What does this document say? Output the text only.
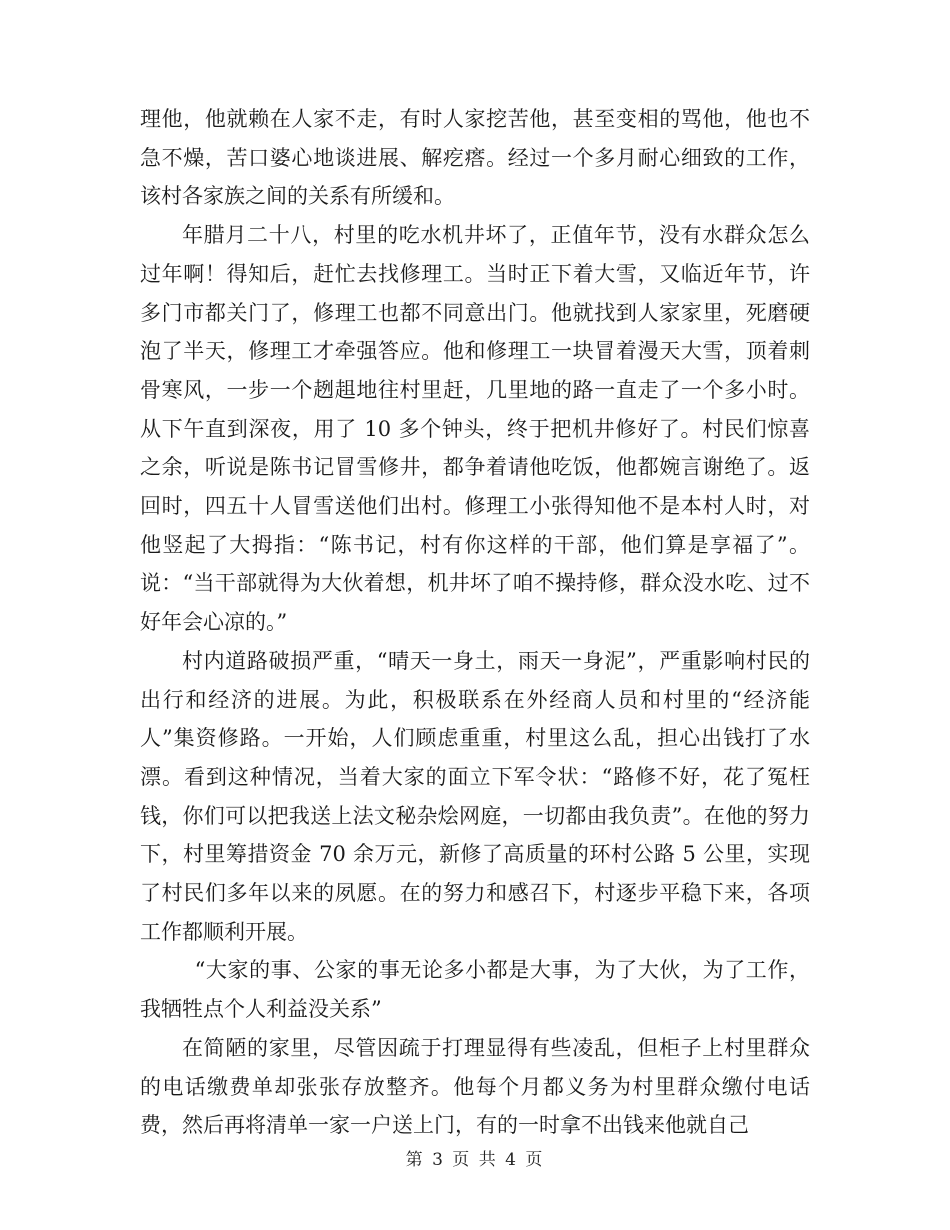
理他，他就赖在人家不走，有时人家挖苦他，甚至变相的骂他，他也不急不燥，苦口婆心地谈进展、解疙瘩。经过一个多月耐心细致的工作，该村各家族之间的关系有所缓和。

年腊月二十八，村里的吃水机井坏了，正值年节，没有水群众怎么过年啊！得知后，赶忙去找修理工。当时正下着大雪，又临近年节，许多门市都关门了，修理工也都不同意出门。他就找到人家家里，死磨硬泡了半天，修理工才牵强答应。他和修理工一块冒着漫天大雪，顶着刺骨寒风，一步一个趔趄地往村里赶，几里地的路一直走了一个多小时。从下午直到深夜，用了 10 多个钟头，终于把机井修好了。村民们惊喜之余，听说是陈书记冒雪修井，都争着请他吃饭，他都婉言谢绝了。返回时，四五十人冒雪送他们出村。修理工小张得知他不是本村人时，对他竖起了大拇指：“陈书记，村有你这样的干部，他们算是享福了”。说：“当干部就得为大伙着想，机井坏了咱不操持修，群众没水吃、过不好年会心凉的。”

村内道路破损严重，“晴天一身土，雨天一身泥”，严重影响村民的出行和经济的进展。为此，积极联系在外经商人员和村里的“经济能人”集资修路。一开始，人们顾虑重重，村里这么乱，担心出钱打了水漂。看到这种情况，当着大家的面立下军令状：“路修不好，花了冤枉钱，你们可以把我送上法文秘杂烩网庭，一切都由我负责”。在他的努力下，村里筹措资金 70 余万元，新修了高质量的环村公路 5 公里，实现了村民们多年以来的夙愿。在的努力和感召下，村逐步平稳下来，各项工作都顺利开展。

“大家的事、公家的事无论多小都是大事，为了大伙，为了工作，我牺牲点个人利益没关系”

在简陋的家里，尽管因疏于打理显得有些凌乱，但柜子上村里群众的电话缴费单却张张存放整齐。他每个月都义务为村里群众缴付电话费，然后再将清单一家一户送上门，有的一时拿不出钱来他就自己

第 3 页 共 4 页
